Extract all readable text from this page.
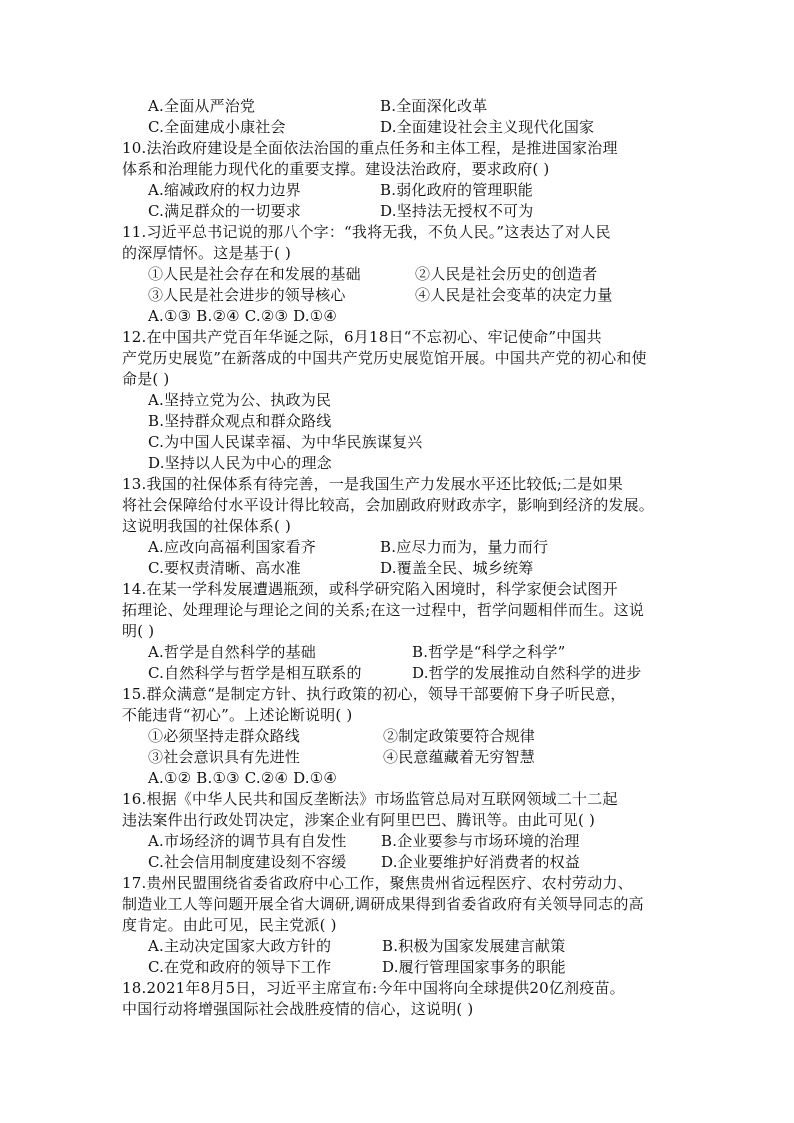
A.全面从严治党	B.全面深化改革
C.全面建成小康社会	D.全面建设社会主义现代化国家
10.法治政府建设是全面依法治国的重点任务和主体工程，是推进国家治理
体系和治理能力现代化的重要支撑。建设法治政府，要求政府( )
A.缩减政府的权力边界	B.弱化政府的管理职能
C.满足群众的一切要求	D.坚持法无授权不可为
11.习近平总书记说的那八个字：“我将无我，不负人民。”这表达了对人民
的深厚情怀。这是基于( )
①人民是社会存在和发展的基础	②人民是社会历史的创造者
③人民是社会进步的领导核心	④人民是社会变革的决定力量
A.①③ B.②④ C.②③ D.①④
12.在中国共产党百年华诞之际，6月18日“不忘初心、牢记使命”中国共
产党历史展览”在新落成的中国共产党历史展览馆开展。中国共产党的初心和使
命是( )
A.坚持立党为公、执政为民
B.坚持群众观点和群众路线
C.为中国人民谋幸福、为中华民族谋复兴
D.坚持以人民为中心的理念
13.我国的社保体系有待完善，一是我国生产力发展水平还比较低;二是如果
将社会保障给付水平设计得比较高，会加剧政府财政赤字，影响到经济的发展。
这说明我国的社保体系( )
A.应改向高福利国家看齐	B.应尽力而为，量力而行
C.要权责清晰、高水准	D.覆盖全民、城乡统筹
14.在某一学科发展遭遇瓶颈，或科学研究陷入困境时，科学家便会试图开
拓理论、处理理论与理论之间的关系;在这一过程中，哲学问题相伴而生。这说
明( )
A.哲学是自然科学的基础	B.哲学是“科学之科学”
C.自然科学与哲学是相互联系的	D.哲学的发展推动自然科学的进步
15.群众满意“是制定方针、执行政策的初心，领导干部要俯下身子听民意，
不能违背“初心”。上述论断说明( )
①必须坚持走群众路线	②制定政策要符合规律
③社会意识具有先进性	④民意蕴藏着无穷智慧
A.①② B.①③ C.②④ D.①④
16.根据《中华人民共和国反垄断法》市场监管总局对互联网领域二十二起
违法案件出行政处罚决定，涉案企业有阿里巴巴、腾讯等。由此可见( )
A.市场经济的调节具有自发性 B.企业要参与市场环境的治理
C.社会信用制度建设刻不容缓 D.企业要维护好消费者的权益
17.贵州民盟围绕省委省政府中心工作，聚焦贵州省远程医疗、农村劳动力、
制造业工人等问题开展全省大调研,调研成果得到省委省政府有关领导同志的高
度肯定。由此可见，民主党派( )
A.主动决定国家大政方针的	B.积极为国家发展建言献策
C.在党和政府的领导下工作	D.履行管理国家事务的职能
18.2021年8月5日，习近平主席宣布:今年中国将向全球提供20亿剂疫苗。
中国行动将增强国际社会战胜疫情的信心，这说明( )
